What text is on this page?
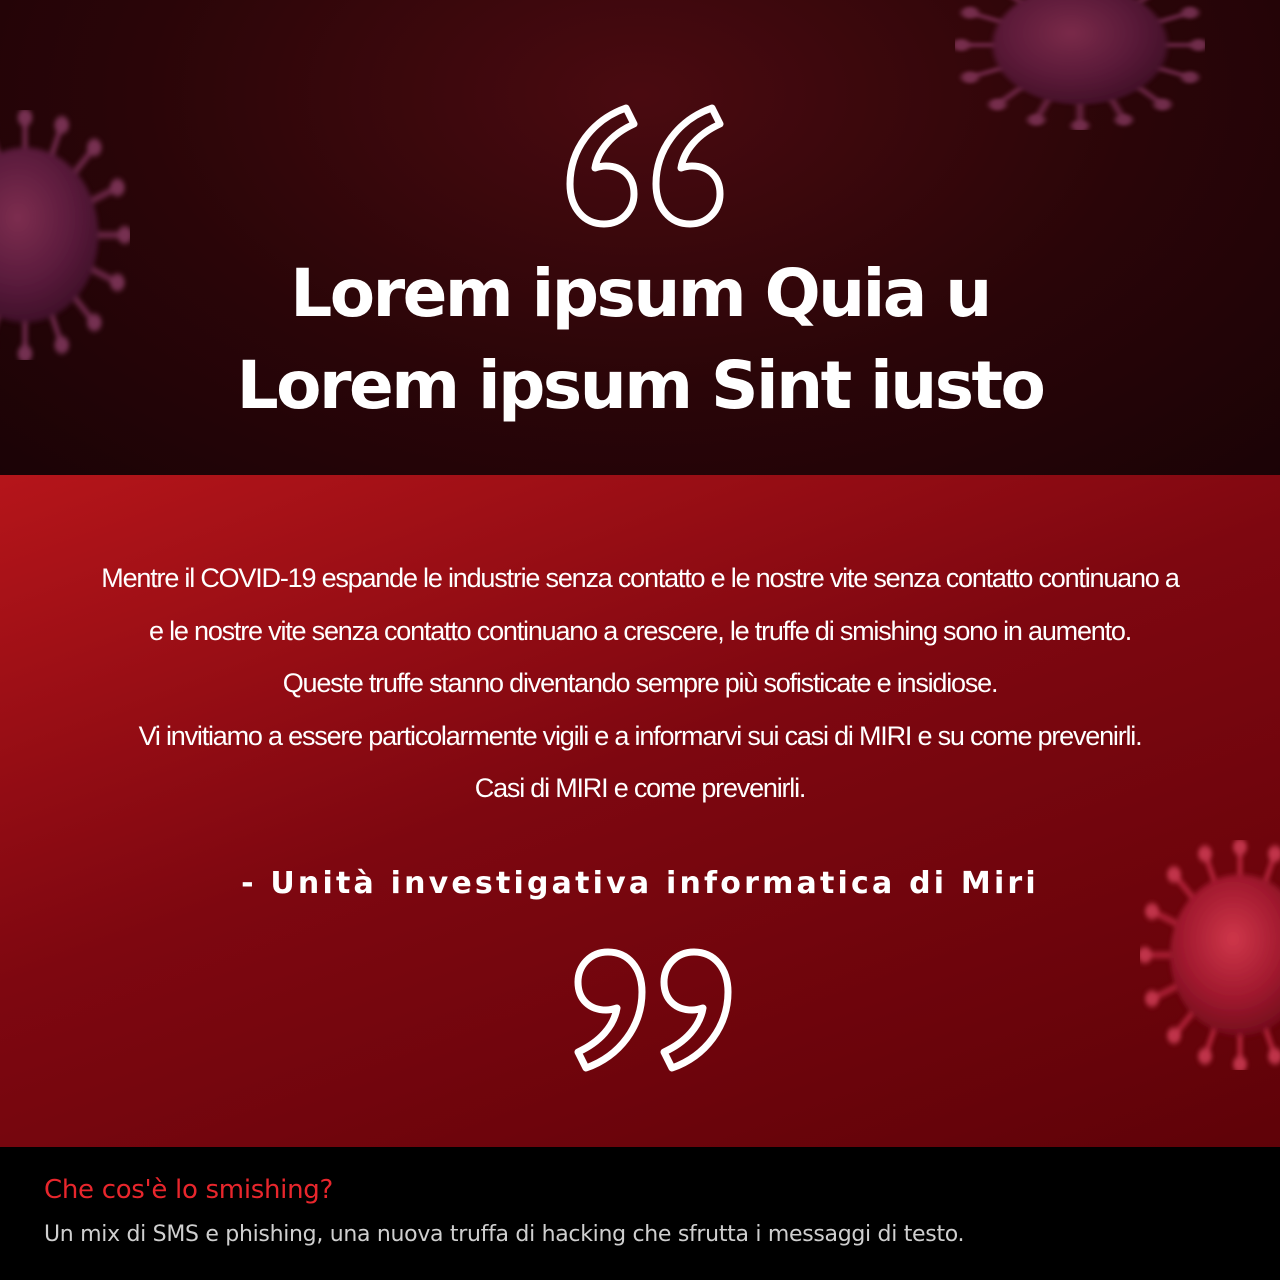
Lorem ipsum Quia u
Lorem ipsum Sint iusto
Mentre il COVID-19 espande le industrie senza contatto e le nostre vite senza contatto continuano a
e le nostre vite senza contatto continuano a crescere, le truffe di smishing sono in aumento.
Queste truffe stanno diventando sempre più sofisticate e insidiose.
Vi invitiamo a essere particolarmente vigili e a informarvi sui casi di MIRI e su come prevenirli.
Casi di MIRI e come prevenirli.

- Unità investigativa informatica di Miri

Che cos'è lo smishing?

Un mix di SMS e phishing, una nuova truffa di hacking che sfrutta i messaggi di testo.
